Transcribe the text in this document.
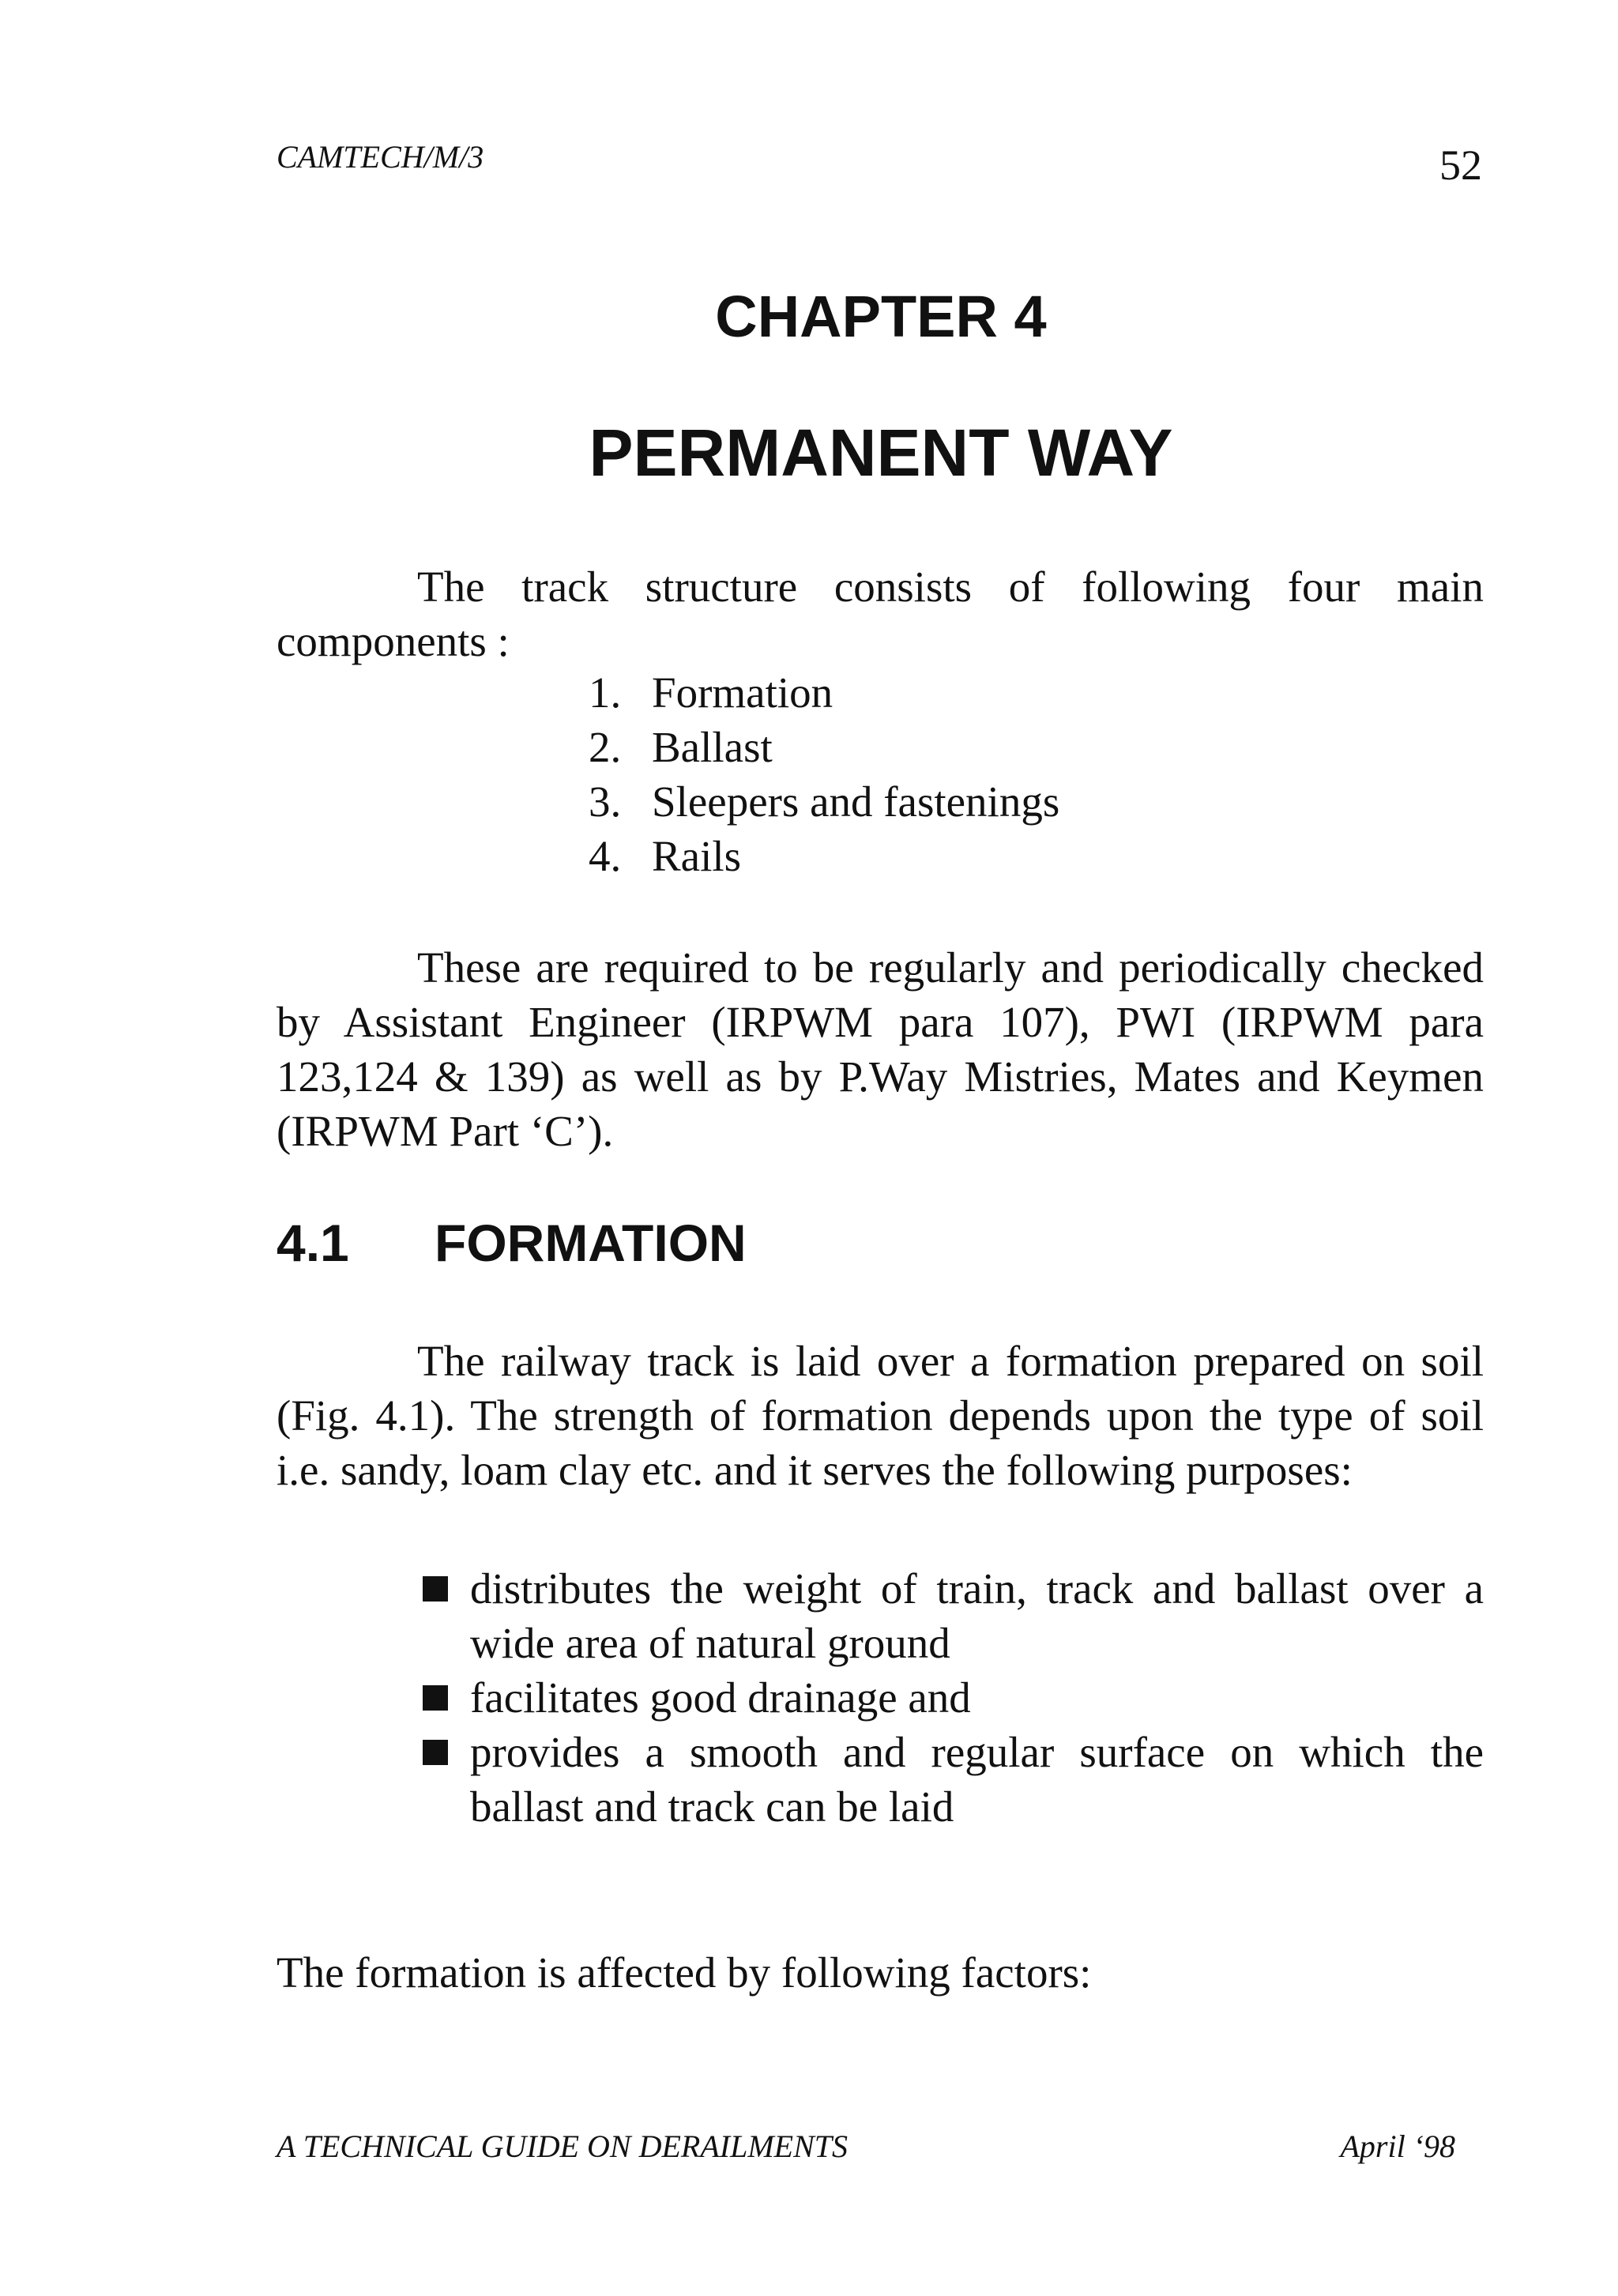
CAMTECH/M/3	52
CHAPTER 4
PERMANENT WAY
The track structure consists of following four main components :
1. Formation
2. Ballast
3. Sleepers and fastenings
4. Rails
These are required to be regularly and periodically checked by Assistant Engineer (IRPWM para 107), PWI (IRPWM para 123,124 & 139) as well as by P.Way Mistries, Mates and Keymen (IRPWM Part ‘C’).
4.1 FORMATION
The railway track is laid over a formation prepared on soil (Fig. 4.1). The strength of formation depends upon the type of soil i.e. sandy, loam clay etc. and it serves the following purposes:
distributes the weight of train, track and ballast over a wide area of natural ground
facilitates good drainage and
provides a smooth and regular surface on which the ballast and track can be laid
The formation is affected by following factors:
A TECHNICAL GUIDE ON DERAILMENTS	April ‘98
